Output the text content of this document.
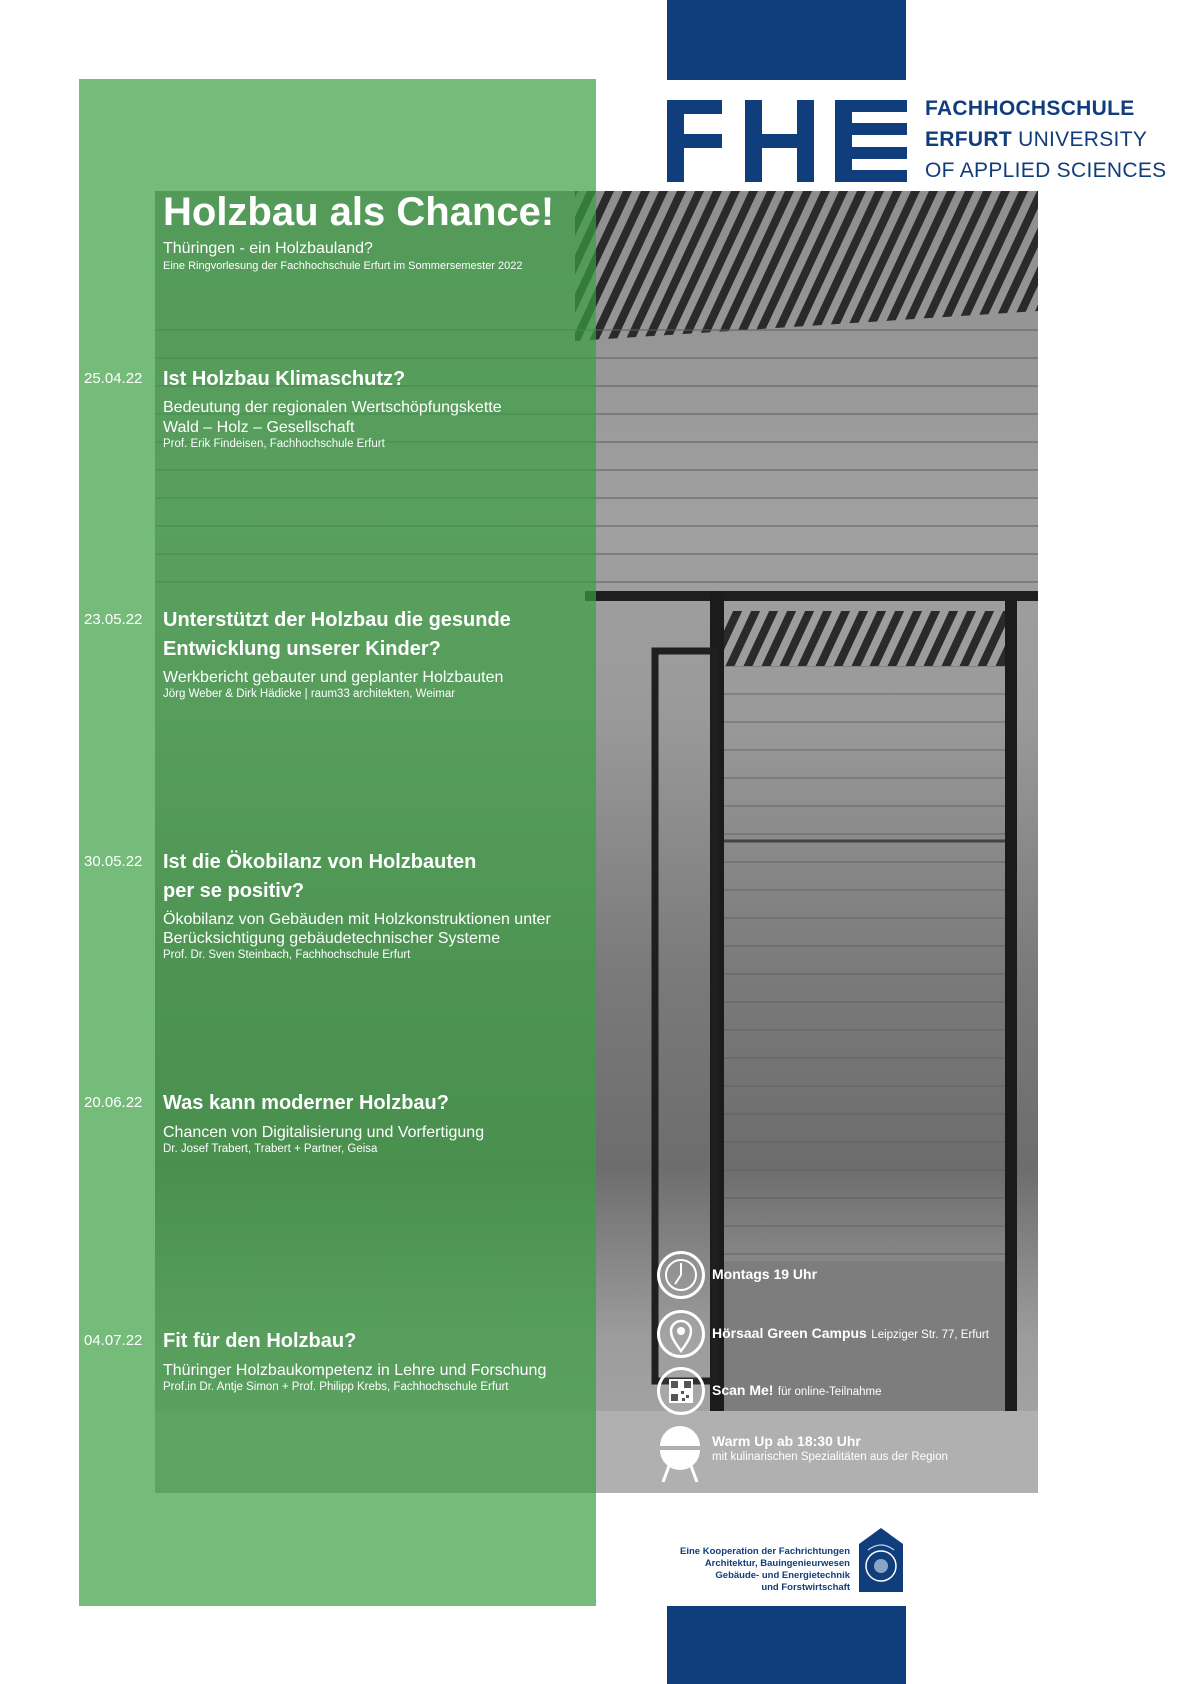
FACHHOCHSCHULE
ERFURT UNIVERSITY
OF APPLIED SCIENCES
Holzbau als Chance!
Thüringen - ein Holzbauland?
Eine Ringvorlesung der Fachhochschule Erfurt im Sommersemester 2022
25.04.22 Ist Holzbau Klimaschutz?
Bedeutung der regionalen Wertschöpfungskette
Wald – Holz – Gesellschaft
Prof. Erik Findeisen, Fachhochschule Erfurt
23.05.22 Unterstützt der Holzbau die gesunde
Entwicklung unserer Kinder?
Werkbericht gebauter und geplanter Holzbauten
Jörg Weber & Dirk Hädicke | raum33 architekten, Weimar
30.05.22 Ist die Ökobilanz von Holzbauten
per se positiv?
Ökobilanz von Gebäuden mit Holzkonstruktionen unter
Berücksichtigung gebäudetechnischer Systeme
Prof. Dr. Sven Steinbach, Fachhochschule Erfurt
20.06.22 Was kann moderner Holzbau?
Chancen von Digitalisierung und Vorfertigung
Dr. Josef Trabert, Trabert + Partner, Geisa
04.07.22 Fit für den Holzbau?
Thüringer Holzbaukompetenz in Lehre und Forschung
Prof.in Dr. Antje Simon + Prof. Philipp Krebs, Fachhochschule Erfurt
Montags 19 Uhr
Hörsaal Green Campus Leipziger Str. 77, Erfurt
Scan Me! für online-Teilnahme
Warm Up ab 18:30 Uhr
mit kulinarischen Spezialitäten aus der Region
Eine Kooperation der Fachrichtungen
Architektur, Bauingenieurwesen
Gebäude- und Energietechnik
und Forstwirtschaft
